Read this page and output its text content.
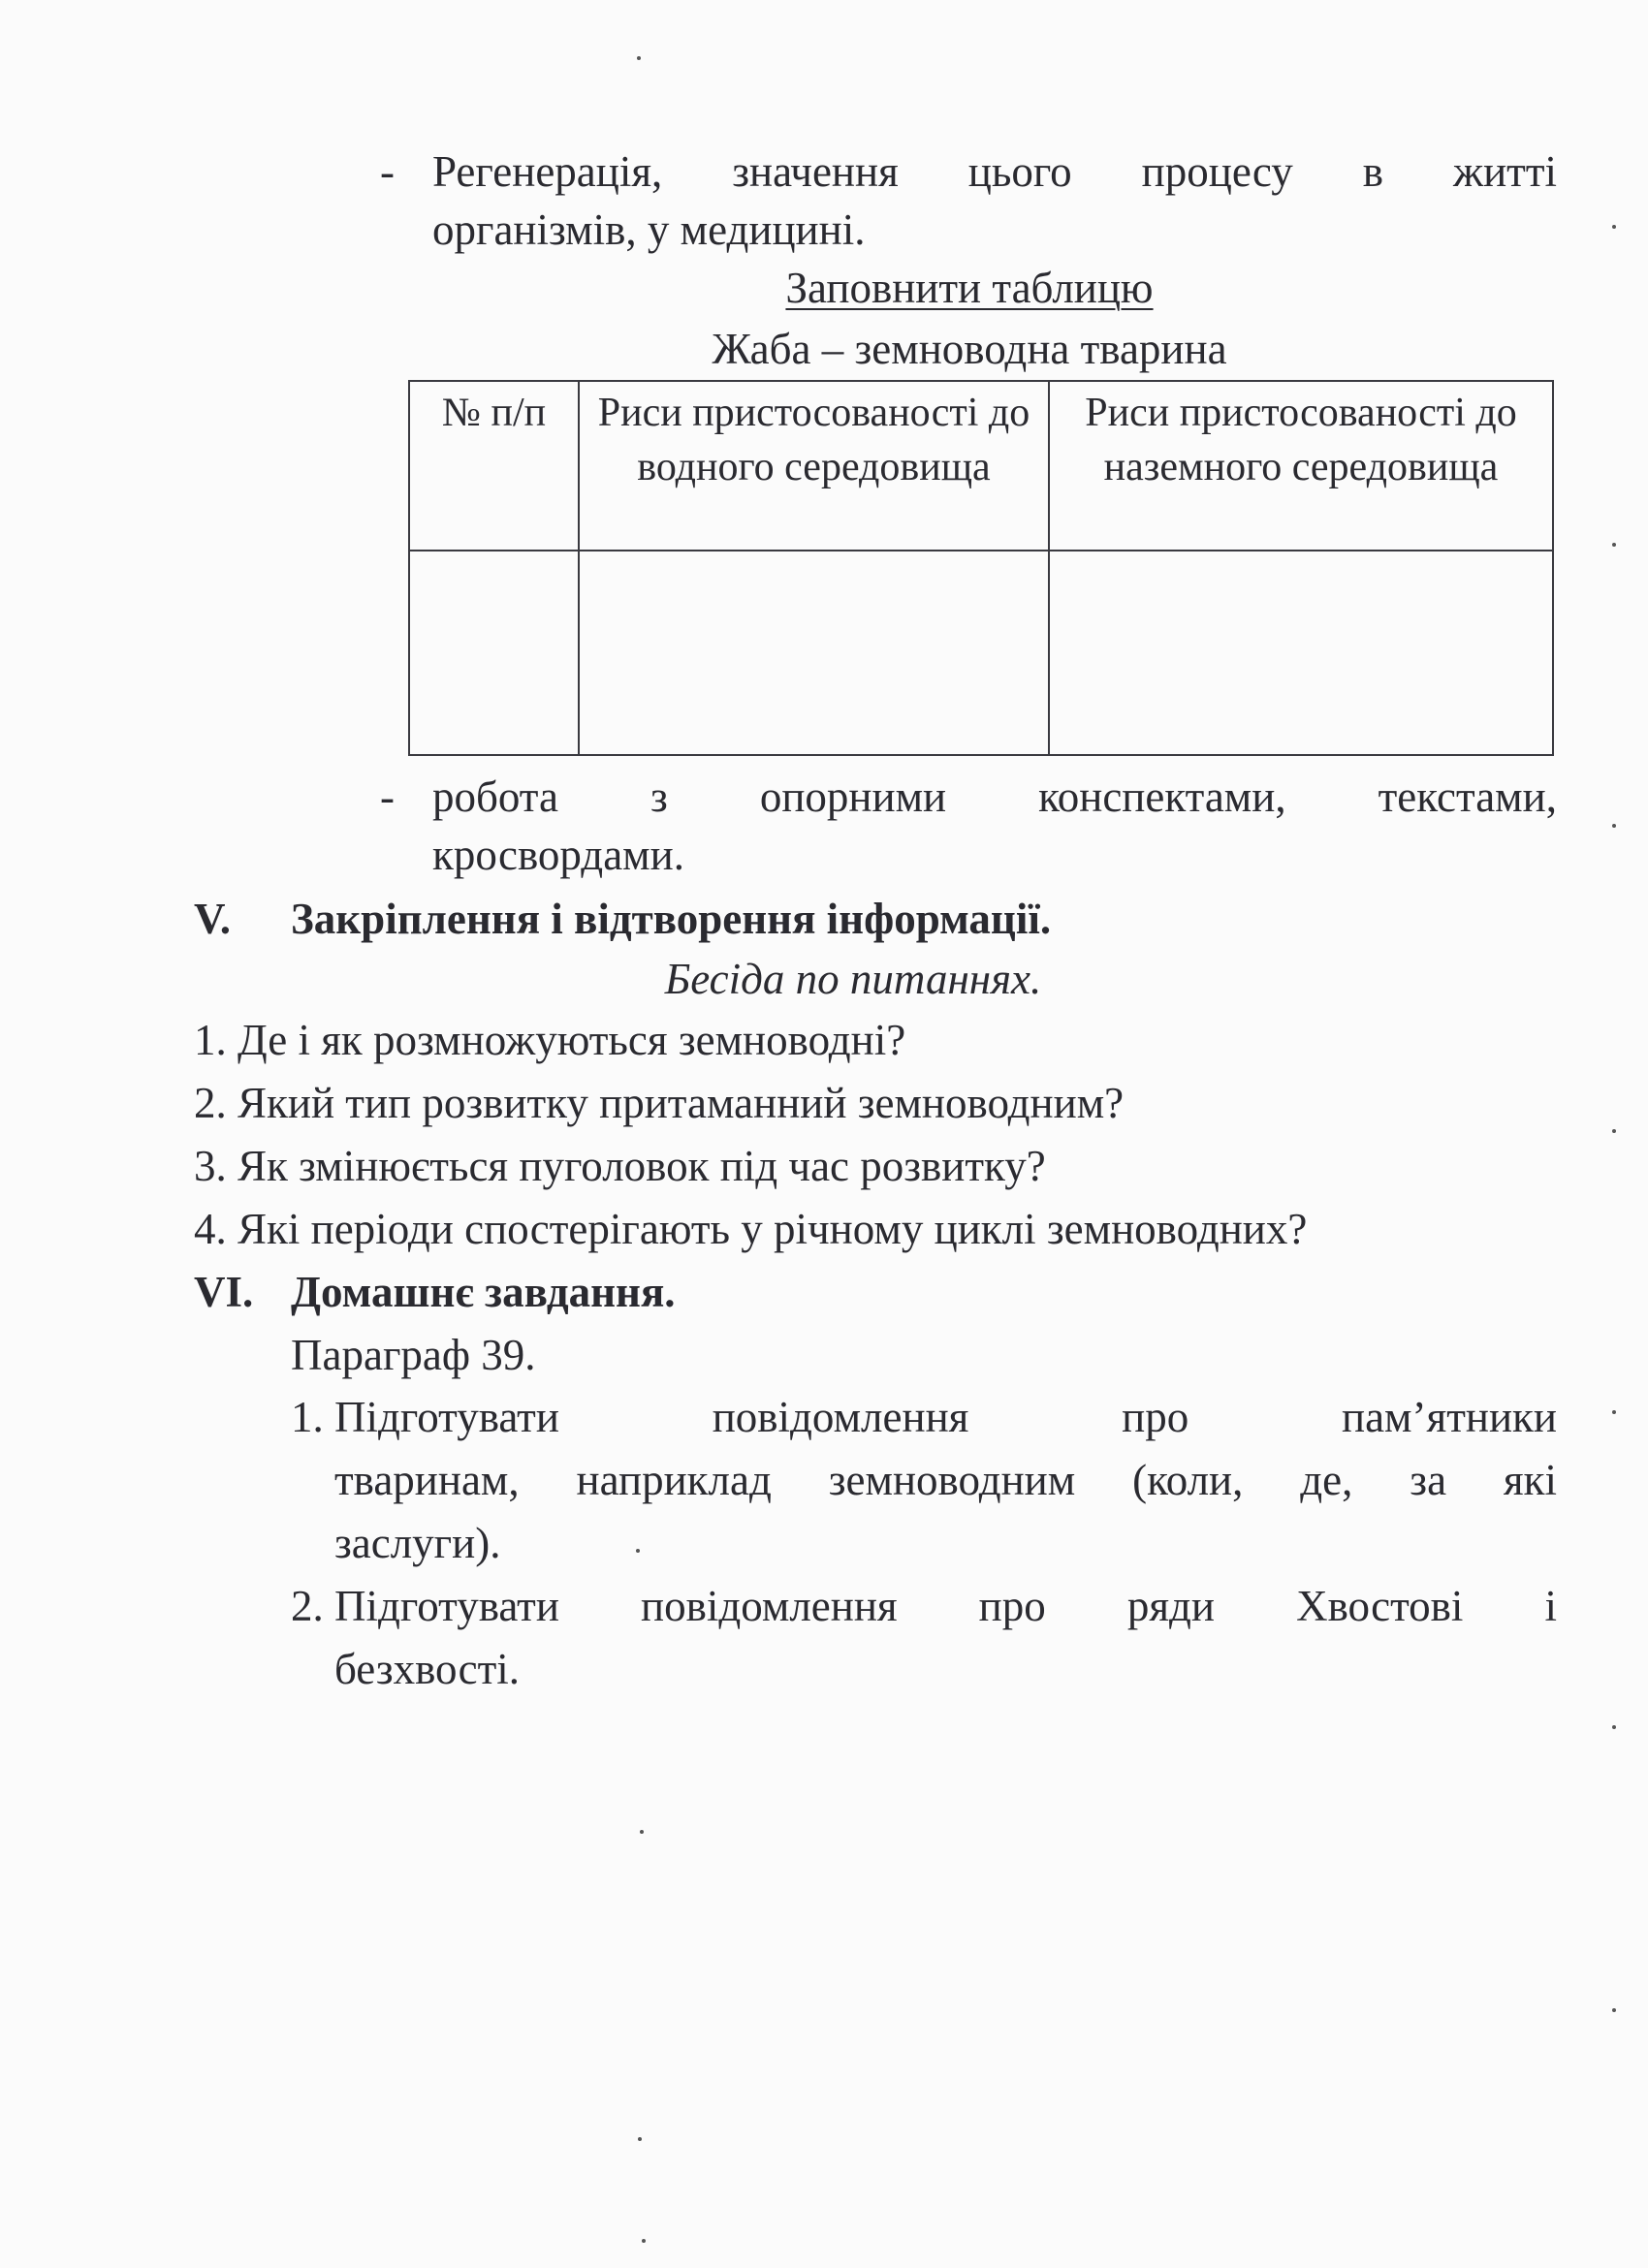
- Регенерація, значення цього процесу в житті
організмів, у медицині.
Заповнити таблицю
Жаба – земноводна тварина
№ п/п	Риси пристосованості до водного середовища	Риси пристосованості до наземного середовища

- робота з опорними конспектами, текстами,
кросвордами.
V. Закріплення і відтворення інформації.
Бесіда по питаннях.
1. Де і як розмножуються земноводні?
2. Який тип розвитку притаманний земноводним?
3. Як змінюється пуголовок під час розвитку?
4. Які періоди спостерігають у річному циклі земноводних?
VI. Домашнє завдання.
Параграф 39.
1. Підготувати повідомлення про пам’ятники
тваринам, наприклад земноводним (коли, де, за які
заслуги).
2. Підготувати повідомлення про ряди Хвостові і
безхвості.
